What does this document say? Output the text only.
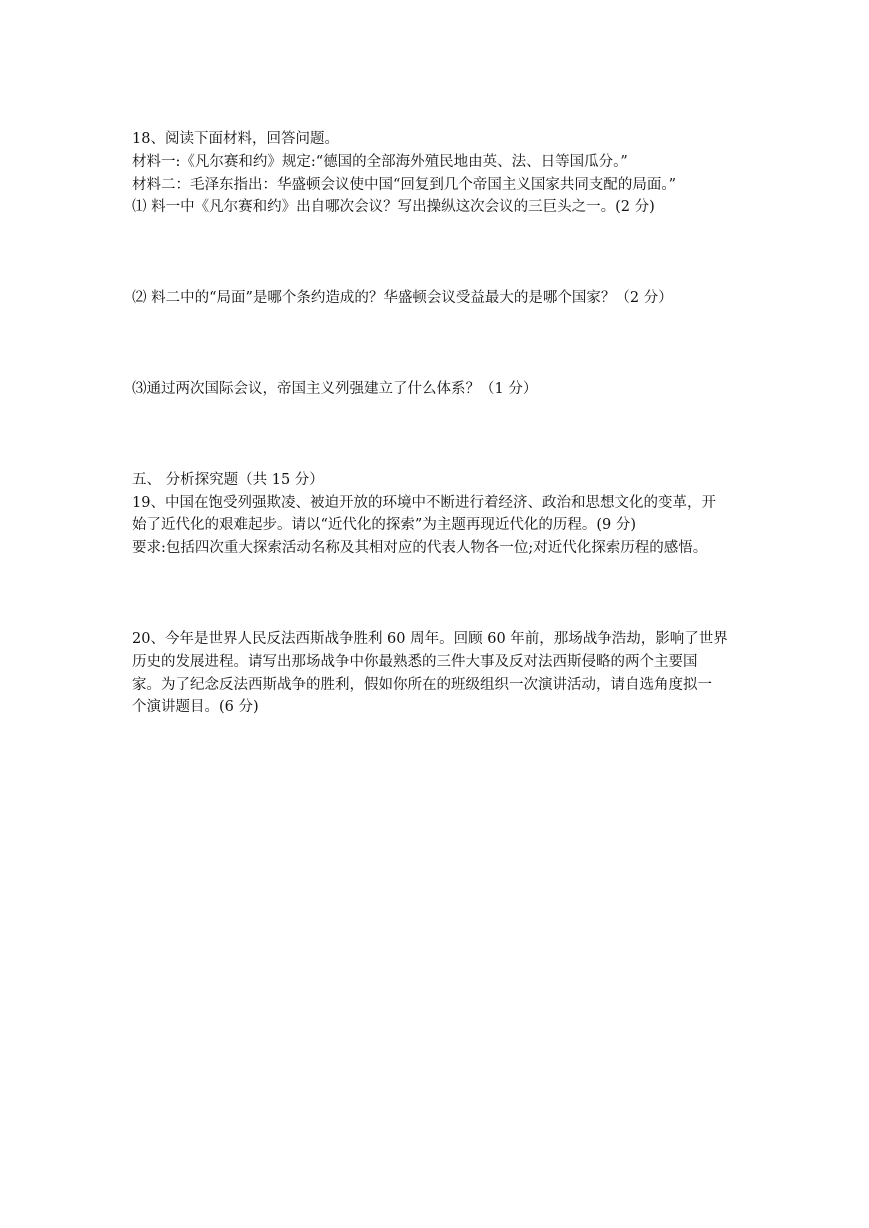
18、阅读下面材料，回答问题。

材料一:《凡尔赛和约》规定:“德国的全部海外殖民地由英、法、日等国瓜分。”

材料二：毛泽东指出：华盛顿会议使中国“回复到几个帝国主义国家共同支配的局面。”

⑴ 料一中《凡尔赛和约》出自哪次会议？写出操纵这次会议的三巨头之一。(2 分)

⑵ 料二中的“局面”是哪个条约造成的？华盛顿会议受益最大的是哪个国家？（2 分）

⑶通过两次国际会议，帝国主义列强建立了什么体系？（1 分）

五、 分析探究题（共 15 分）

19、中国在饱受列强欺凌、被迫开放的环境中不断进行着经济、政治和思想文化的变革，开

始了近代化的艰难起步。请以“近代化的探索”为主题再现近代化的历程。(9 分)

要求:包括四次重大探索活动名称及其相对应的代表人物各一位;对近代化探索历程的感悟。

20、今年是世界人民反法西斯战争胜利 60 周年。回顾 60 年前，那场战争浩劫，影响了世界

历史的发展进程。请写出那场战争中你最熟悉的三件大事及反对法西斯侵略的两个主要国

家。为了纪念反法西斯战争的胜利，假如你所在的班级组织一次演讲活动，请自选角度拟一

个演讲题目。(6 分)
